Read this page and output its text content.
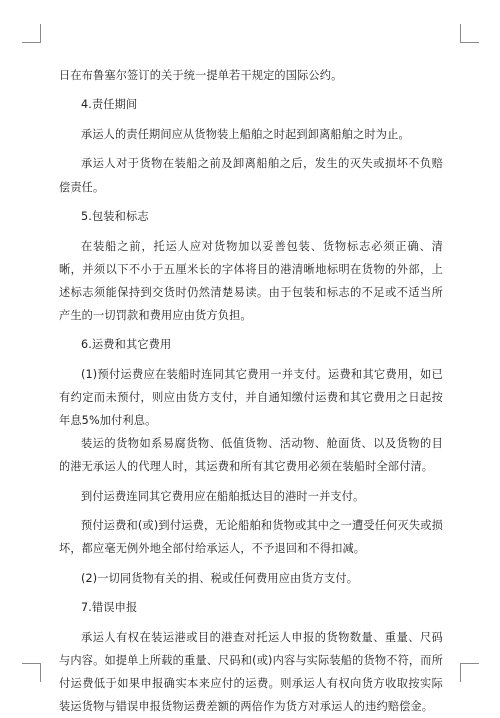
日在布鲁塞尔签订的关于统一提单若干规定的国际公约。

4.责任期间

承运人的责任期间应从货物装上船舶之时起到卸离船舶之时为止。

承运人对于货物在装船之前及卸离船舶之后，发生的灭失或损坏不负赔偿责任。

5.包装和标志

在装船之前，托运人应对货物加以妥善包装、货物标志必须正确、清晰，并须以下不小于五厘米长的字体将目的港清晰地标明在货物的外部，上述标志须能保持到交货时仍然清楚易读。由于包装和标志的不足或不适当所产生的一切罚款和费用应由货方负担。

6.运费和其它费用

(1)预付运费应在装船时连同其它费用一并支付。运费和其它费用，如已有约定而未预付，则应由货方支付，并自通知缴付运费和其它费用之日起按年息5%加付利息。

装运的货物如系易腐货物、低值货物、活动物、舱面货、以及货物的目的港无承运人的代理人时，其运费和所有其它费用必须在装船时全部付清。

到付运费连同其它费用应在船舶抵达目的港时一并支付。

预付运费和(或)到付运费，无论船舶和货物或其中之一遭受任何灭失或损坏，都应毫无例外地全部付给承运人，不予退回和不得扣减。

(2)一切同货物有关的捐、税或任何费用应由货方支付。

7.错误申报

承运人有权在装运港或目的港查对托运人申报的货物数量、重量、尺码与内容。如提单上所载的重量、尺码和(或)内容与实际装船的货物不符，而所付运费低于如果申报确实本来应付的运费。则承运人有权向货方收取按实际装运货物与错误申报货物运费差额的两倍作为货方对承运人的违约赔偿金。
